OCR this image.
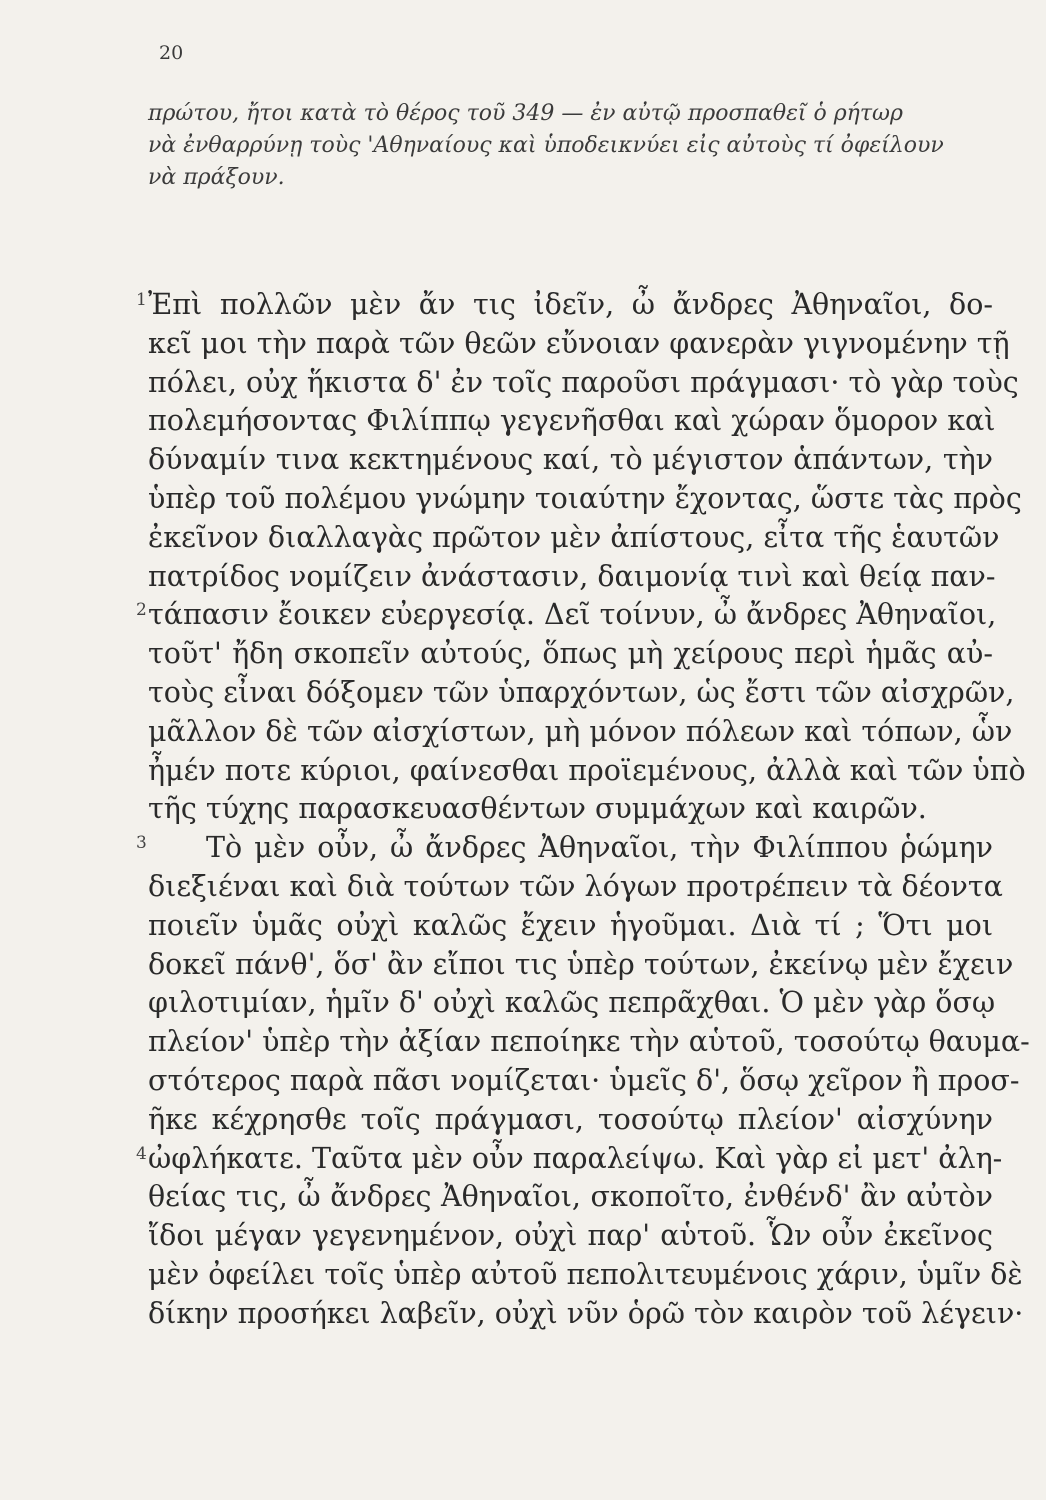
20
πρώτου, ἤτοι κατὰ τὸ θέρος τοῦ 349 — ἐν αὐτῷ προσπαθεῖ ὁ ρήτωρ
νὰ ἐνθαρρύνῃ τοὺς 'Αθηναίους καὶ ὑποδεικνύει εἰς αὐτοὺς τί ὀφείλουν
νὰ πράξουν.
1 Ἐπὶ πολλῶν μὲν ἄν τις ἰδεῖν, ὦ ἄνδρες Ἀθηναῖοι, δο-
κεῖ μοι τὴν παρὰ τῶν θεῶν εὔνοιαν φανερὰν γιγνομένην τῇ
πόλει, οὐχ ἥκιστα δ' ἐν τοῖς παροῦσι πράγμασι· τὸ γὰρ τοὺς
πολεμήσοντας Φιλίππῳ γεγενῆσθαι καὶ χώραν ὅμορον καὶ
δύναμίν τινα κεκτημένους καί, τὸ μέγιστον ἁπάντων, τὴν
ὑπὲρ τοῦ πολέμου γνώμην τοιαύτην ἔχοντας, ὥστε τὰς πρὸς
ἐκεῖνον διαλλαγὰς πρῶτον μὲν ἀπίστους, εἶτα τῆς ἑαυτῶν
πατρίδος νομίζειν ἀνάστασιν, δαιμονίᾳ τινὶ καὶ θείᾳ παν-
2 τάπασιν ἔοικεν εὐεργεσίᾳ. Δεῖ τοίνυν, ὦ ἄνδρες Ἀθηναῖοι,
τοῦτ' ἤδη σκοπεῖν αὐτούς, ὅπως μὴ χείρους περὶ ἡμᾶς αὐ-
τοὺς εἶναι δόξομεν τῶν ὑπαρχόντων, ὡς ἔστι τῶν αἰσχρῶν,
μᾶλλον δὲ τῶν αἰσχίστων, μὴ μόνον πόλεων καὶ τόπων, ὧν
ἦμέν ποτε κύριοι, φαίνεσθαι προϊεμένους, ἀλλὰ καὶ τῶν ὑπὸ
τῆς τύχης παρασκευασθέντων συμμάχων καὶ καιρῶν.
3 Τὸ μὲν οὖν, ὦ ἄνδρες Ἀθηναῖοι, τὴν Φιλίππου ῥώμην
διεξιέναι καὶ διὰ τούτων τῶν λόγων προτρέπειν τὰ δέοντα
ποιεῖν ὑμᾶς οὐχὶ καλῶς ἔχειν ἡγοῦμαι. Διὰ τί ; Ὅτι μοι
δοκεῖ πάνθ', ὅσ' ἂν εἴποι τις ὑπὲρ τούτων, ἐκείνῳ μὲν ἔχειν
φιλοτιμίαν, ἡμῖν δ' οὐχὶ καλῶς πεπρᾶχθαι. Ὁ μὲν γὰρ ὅσῳ
πλείον' ὑπὲρ τὴν ἀξίαν πεποίηκε τὴν αὑτοῦ, τοσούτῳ θαυμα-
στότερος παρὰ πᾶσι νομίζεται· ὑμεῖς δ', ὅσῳ χεῖρον ἢ προσ-
ῆκε κέχρησθε τοῖς πράγμασι, τοσούτῳ πλείον' αἰσχύνην
4 ὠφλήκατε. Ταῦτα μὲν οὖν παραλείψω. Καὶ γὰρ εἰ μετ' ἀλη-
θείας τις, ὦ ἄνδρες Ἀθηναῖοι, σκοποῖτο, ἐνθένδ' ἂν αὐτὸν
ἴδοι μέγαν γεγενημένον, οὐχὶ παρ' αὑτοῦ. Ὧν οὖν ἐκεῖνος
μὲν ὀφείλει τοῖς ὑπὲρ αὐτοῦ πεπολιτευμένοις χάριν, ὑμῖν δὲ
δίκην προσήκει λαβεῖν, οὐχὶ νῦν ὁρῶ τὸν καιρὸν τοῦ λέγειν·
